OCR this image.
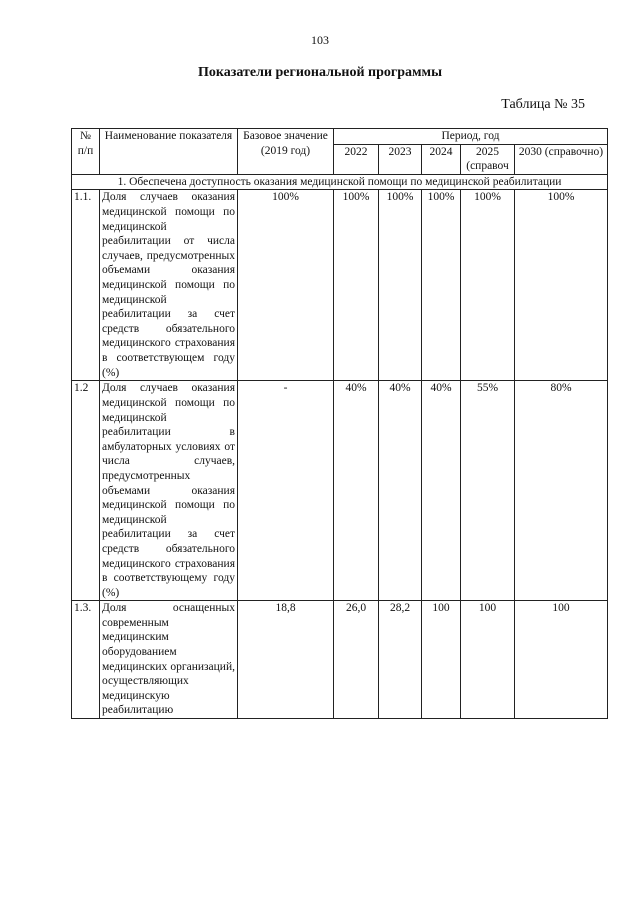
103
Показатели региональной программы
Таблица № 35
№ п/п	Наименование показателя	Базовое значение (2019 год)	Период, год				
			2022	2023	2024	2025 (справоч	2030 (справочно)
1. Обеспечена доступность оказания медицинской помощи по медицинской реабилитации							
1.1.	Доля случаев оказания медицинской помощи по медицинской реабилитации от числа случаев, предусмотренных объемами оказания медицинской помощи по медицинской реабилитации за счет средств обязательного медицинского страхования в соответствующем году (%)	100%	100%	100%	100%	100%	100%
1.2	Доля случаев оказания медицинской помощи по медицинской реабилитации в амбулаторных условиях от числа случаев, предусмотренных объемами оказания медицинской помощи по медицинской реабилитации за счет средств обязательного медицинского страхования в соответствующему году (%)	-	40%	40%	40%	55%	80%
1.3.	Доля оснащенных современным медицинским оборудованием медицинских организаций, осуществляющих медицинскую реабилитацию	18,8	26,0	28,2	100	100	100
